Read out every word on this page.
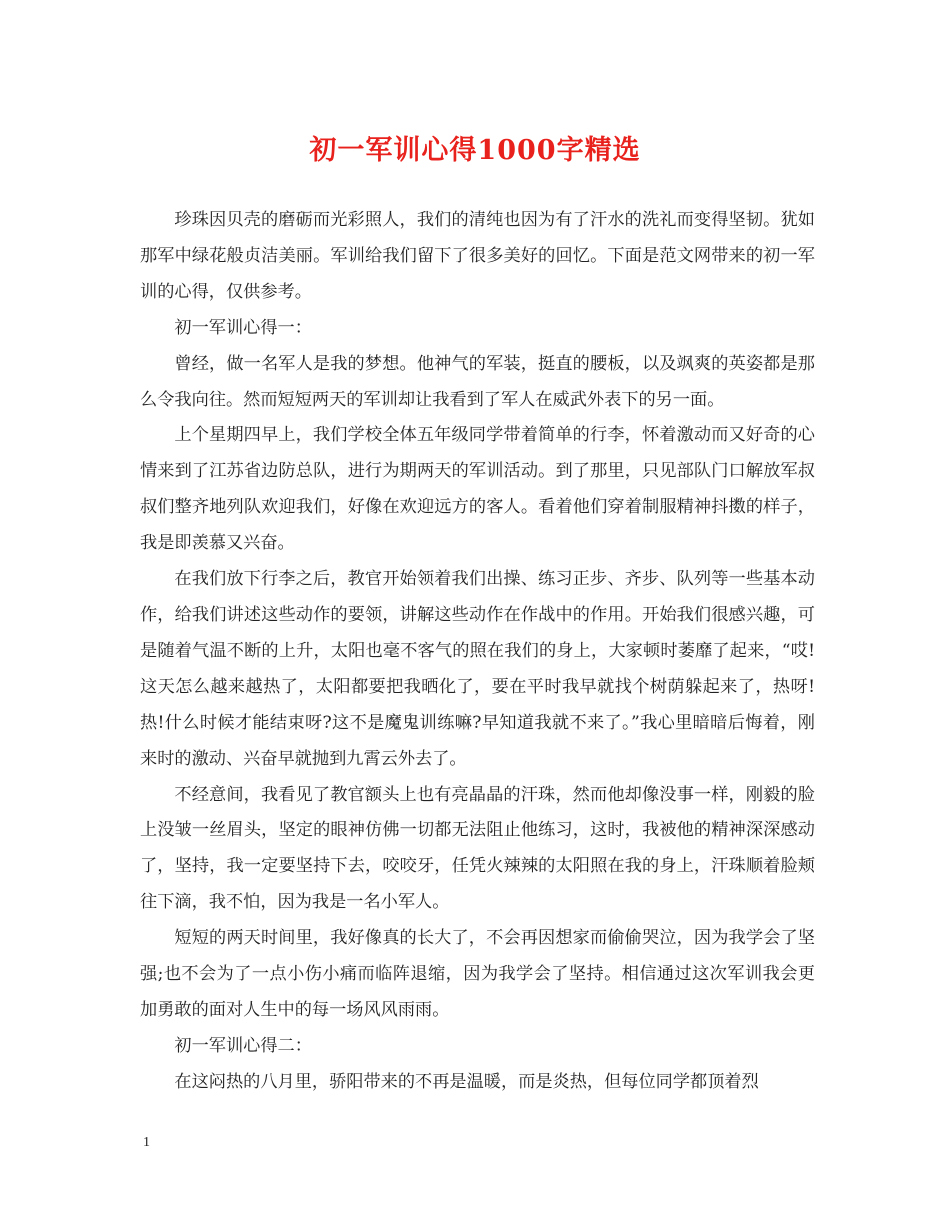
初一军训心得1000字精选

珍珠因贝壳的磨砺而光彩照人，我们的清纯也因为有了汗水的洗礼而变得坚韧。犹如那军中绿花般贞洁美丽。军训给我们留下了很多美好的回忆。下面是范文网带来的初一军训的心得，仅供参考。

初一军训心得一：

曾经，做一名军人是我的梦想。他神气的军装，挺直的腰板，以及飒爽的英姿都是那么令我向往。然而短短两天的军训却让我看到了军人在威武外表下的另一面。

上个星期四早上，我们学校全体五年级同学带着简单的行李，怀着激动而又好奇的心情来到了江苏省边防总队，进行为期两天的军训活动。到了那里，只见部队门口解放军叔叔们整齐地列队欢迎我们，好像在欢迎远方的客人。看着他们穿着制服精神抖擞的样子，我是即羡慕又兴奋。

在我们放下行李之后，教官开始领着我们出操、练习正步、齐步、队列等一些基本动作，给我们讲述这些动作的要领，讲解这些动作在作战中的作用。开始我们很感兴趣，可是随着气温不断的上升，太阳也毫不客气的照在我们的身上，大家顿时萎靡了起来，“哎!这天怎么越来越热了，太阳都要把我晒化了，要在平时我早就找个树荫躲起来了，热呀!热!什么时候才能结束呀?这不是魔鬼训练嘛?早知道我就不来了。”我心里暗暗后悔着，刚来时的激动、兴奋早就抛到九霄云外去了。

不经意间，我看见了教官额头上也有亮晶晶的汗珠，然而他却像没事一样，刚毅的脸上没皱一丝眉头，坚定的眼神仿佛一切都无法阻止他练习，这时，我被他的精神深深感动了，坚持，我一定要坚持下去，咬咬牙，任凭火辣辣的太阳照在我的身上，汗珠顺着脸颊往下滴，我不怕，因为我是一名小军人。

短短的两天时间里，我好像真的长大了，不会再因想家而偷偷哭泣，因为我学会了坚强;也不会为了一点小伤小痛而临阵退缩，因为我学会了坚持。相信通过这次军训我会更加勇敢的面对人生中的每一场风风雨雨。

初一军训心得二：

在这闷热的八月里，骄阳带来的不再是温暖，而是炎热，但每位同学都顶着烈

1
